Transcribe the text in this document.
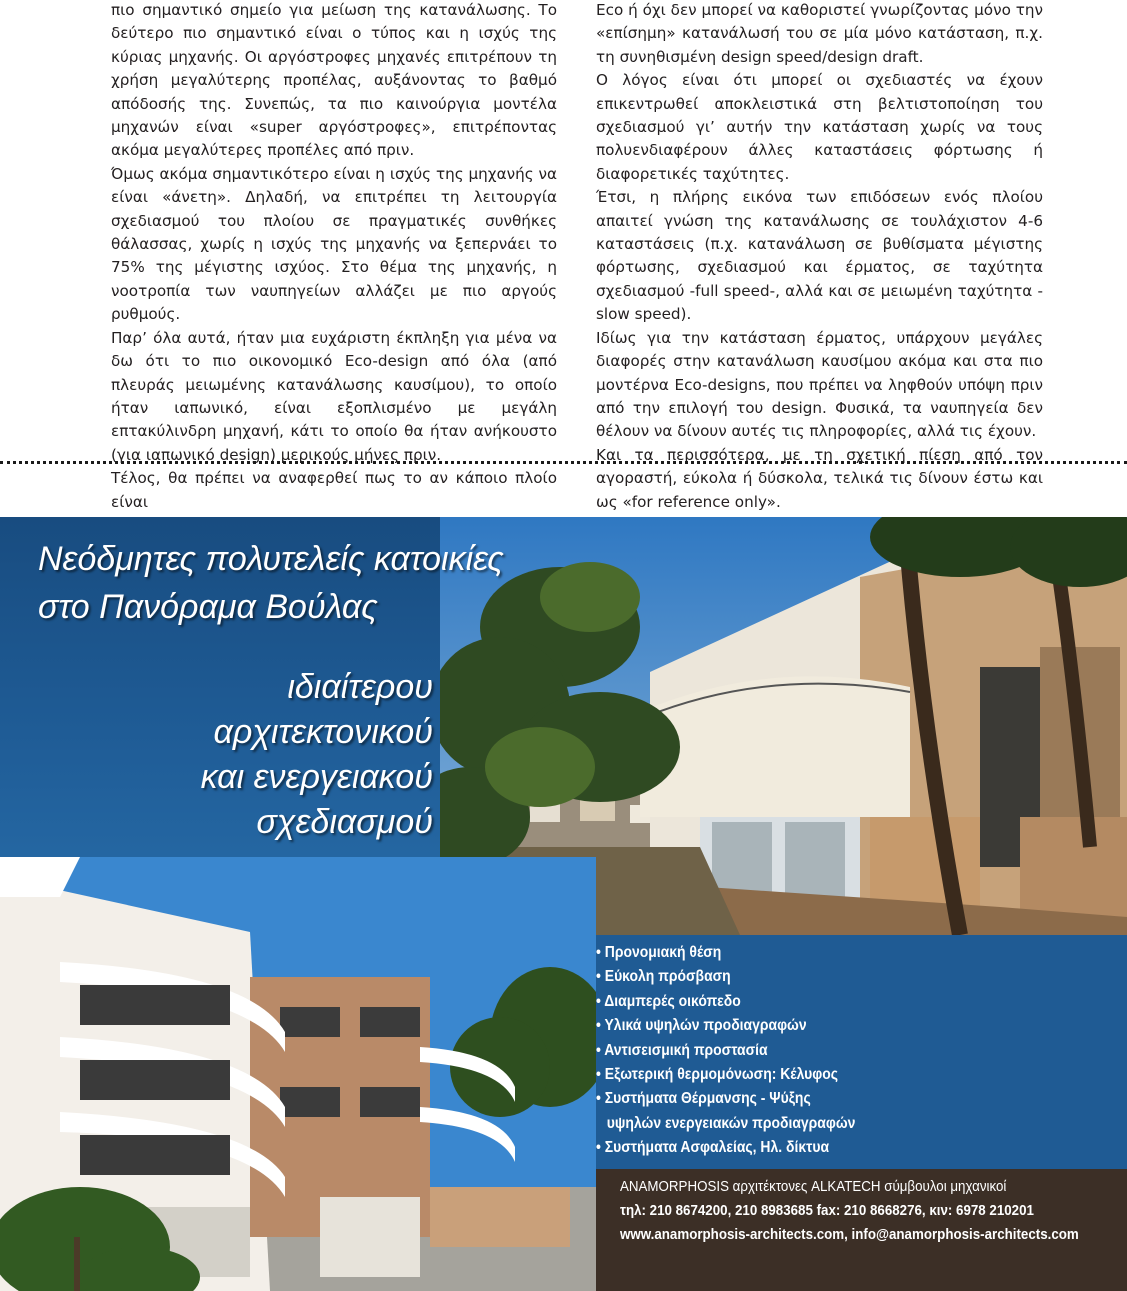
πιο σημαντικό σημείο για μείωση της κατανάλωσης. Το δεύτερο πιο σημαντικό είναι ο τύπος και η ισχύς της κύριας μηχανής. Οι αργόστροφες μηχανές επιτρέπουν τη χρήση μεγαλύτερης προπέλας, αυξάνοντας το βαθμό απόδοσής της. Συνεπώς, τα πιο καινούργια μοντέλα μηχανών είναι «super αργόστροφες», επιτρέποντας ακόμα μεγαλύτερες προπέλες από πριν.

Όμως ακόμα σημαντικότερο είναι η ισχύς της μηχανής να είναι «άνετη». Δηλαδή, να επιτρέπει τη λειτουργία σχεδιασμού του πλοίου σε πραγματικές συνθήκες θάλασσας, χωρίς η ισχύς της μηχανής να ξεπερνάει το 75% της μέγιστης ισχύος. Στο θέμα της μηχανής, η νοοτροπία των ναυπηγείων αλλάζει με πιο αργούς ρυθμούς.

Παρ’ όλα αυτά, ήταν μια ευχάριστη έκπληξη για μένα να δω ότι το πιο οικονομικό Eco-design από όλα (από πλευράς μειωμένης κατανάλωσης καυσίμου), το οποίο ήταν ιαπωνικό, είναι εξοπλισμένο με μεγάλη επτακύλινδρη μηχανή, κάτι το οποίο θα ήταν ανήκουστο (για ιαπωνικό design) μερικούς μήνες πριν.

Τέλος, θα πρέπει να αναφερθεί πως το αν κάποιο πλοίο είναι

Eco ή όχι δεν μπορεί να καθοριστεί γνωρίζοντας μόνο την «επίσημη» κατανάλωσή του σε μία μόνο κατάσταση, π.χ. τη συνηθισμένη design speed/design draft.

Ο λόγος είναι ότι μπορεί οι σχεδιαστές να έχουν επικεντρωθεί αποκλειστικά στη βελτιστοποίηση του σχεδιασμού γι’ αυτήν την κατάσταση χωρίς να τους πολυενδιαφέρουν άλλες καταστάσεις φόρτωσης ή διαφορετικές ταχύτητες.

Έτσι, η πλήρης εικόνα των επιδόσεων ενός πλοίου απαιτεί γνώση της κατανάλωσης σε τουλάχιστον 4-6 καταστάσεις (π.χ. κατανάλωση σε βυθίσματα μέγιστης φόρτωσης, σχεδιασμού και έρματος, σε ταχύτητα σχεδιασμού -full speed-, αλλά και σε μειωμένη ταχύτητα - slow speed).

Ιδίως για την κατάσταση έρματος, υπάρχουν μεγάλες διαφορές στην κατανάλωση καυσίμου ακόμα και στα πιο μοντέρνα Eco-designs, που πρέπει να ληφθούν υπόψη πριν από την επιλογή του design. Φυσικά, τα ναυπηγεία δεν θέλουν να δίνουν αυτές τις πληροφορίες, αλλά τις έχουν.

Και τα περισσότερα, με τη σχετική πίεση από τον αγοραστή, εύκολα ή δύσκολα, τελικά τις δίνουν έστω και ως «for reference only».

Νεόδμητες πολυτελείς κατοικίες

στο Πανόραμα Βούλας

ιδιαίτερου

αρχιτεκτονικού

και ενεργειακού

σχεδιασμού

• Προνομιακή θέση
• Εύκολη πρόσβαση
• Διαμπερές οικόπεδο
• Υλικά υψηλών προδιαγραφών
• Αντισεισμική προστασία
• Εξωτερική θερμομόνωση: Κέλυφος
• Συστήματα Θέρμανσης - Ψύξης
υψηλών ενεργειακών προδιαγραφών
• Συστήματα Ασφαλείας, Ηλ. δίκτυα

ANAMORPHOSIS αρχιτέκτονες ALKATECH σύμβουλοι μηχανικοί

τηλ: 210 8674200, 210 8983685 fax: 210 8668276, κιν: 6978 210201

www.anamorphosis-architects.com, info@anamorphosis-architects.com
